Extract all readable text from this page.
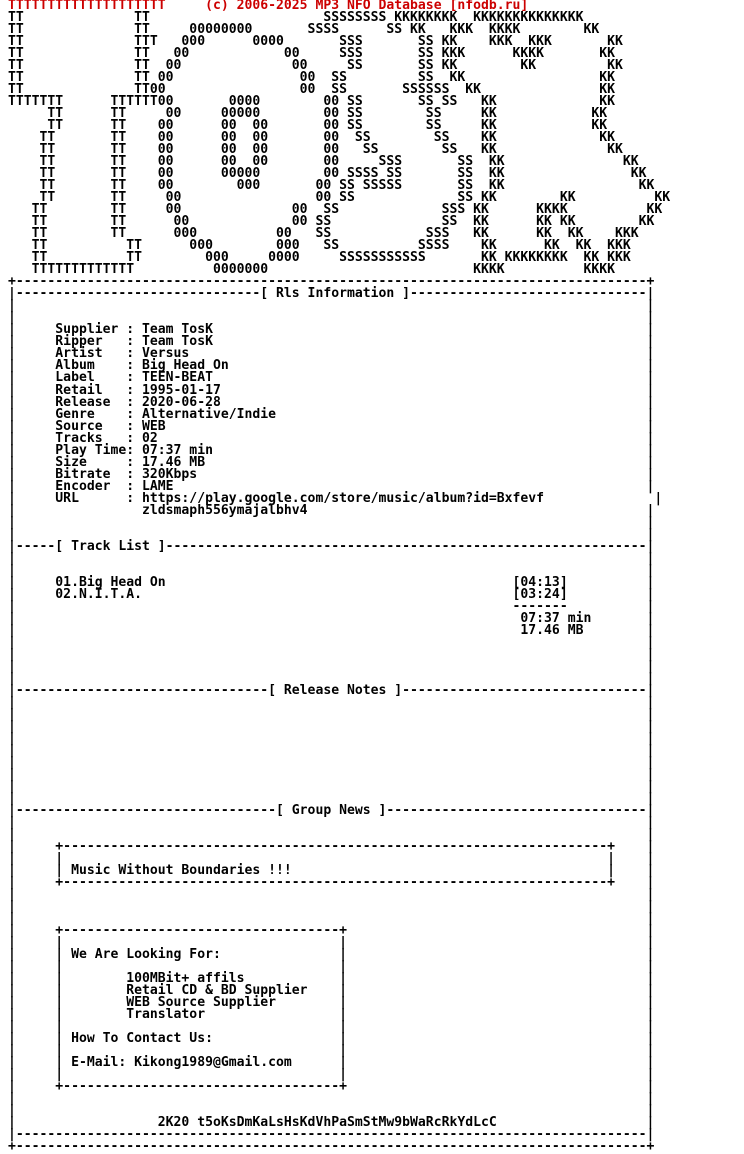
TTTTTTTTTTTTTTTTTTTT     (c) 2006-2025 MP3 NFO Database [nfodb.ru]
TT              TT                      SSSSSSSS KKKKKKKK  KKKKKKKKKKKKKK
TT              TT     00000000       SSSS      SS KK   KKK  KKKK        KK
TT              TTT   000      0000       SSS       SS KK    KKK  KKK       KK
TT              TT   00            00     SSS       SS KKK      KKKK       KK
TT              TT  00              00     SS       SS KK        KK         KK
TT              TT 00                00  SS         SS  KK                 KK
TT              TT00                 00  SS       SSSSSS  KK               KK
TTTTTTT      TTTTTT00       0000        00 SS       SS SS   KK             KK
TT      TT     00     00000        00 SS        SS     KK            KK
TT      TT    00      00  00       00 SS        SS     KK            KK
TT       TT    00      00  00       00  SS        SS    KK             KK
TT       TT    00      00  00       00   SS        SS   KK              KK
TT       TT    00      00  00       00     SSS       SS  KK               KK
TT       TT    00      00000        00 SSSS SS       SS  KK                KK
TT       TT    00        000       00 SS SSSSS       SS  KK                 KK
TT       TT     00                 00 SS             SS KK        KK          KK
TT        TT     00              00  SS             SSS KK      KKKK          KK
TT        TT      00             00 SS              SS  KK      KK KK        KK
TT        TT      000          00   SS            SSS   KK      KK  KK    KKK
TT          TT      000        000   SS          SSSS    KK      KK  KK  KKK
TT          TT        000     0000     SSSSSSSSSSS       KK KKKKKKKK  KK KKK
TTTTTTTTTTTTT          0000000                          KKKK          KKKK
+--------------------------------------------------------------------------------+
|-------------------------------[ Rls Information ]------------------------------|
|                                                                                |
|                                                                                |
|     Supplier : Team TosK                                                       |
|     Ripper   : Team TosK                                                       |
|     Artist   : Versus                                                          |
|     Album    : Big Head On                                                     |
|     Label    : TEEN-BEAT                                                       |
|     Retail   : 1995-01-17                                                      |
|     Release  : 2020-06-28                                                      |
|     Genre    : Alternative/Indie                                               |
|     Source   : WEB                                                             |
|     Tracks   : 02                                                              |
|     Play Time: 07:37 min                                                       |
|     Size     : 17.46 MB                                                        |
|     Bitrate  : 320Kbps                                                         |
|     Encoder  : LAME                                                            |
|     URL      : https://play.google.com/store/music/album?id=Bxfevf              |
|                zldsmaph556ymajalbhv4                                           |
|                                                                                |
|                                                                                |
|-----[ Track List ]-------------------------------------------------------------|
|                                                                                |
|                                                                                |
|     01.Big Head On                                            [04:13]          |
|     02.N.I.T.A.                                               [03:24]          |
|                                                               -------          |
|                                                                07:37 min       |
|                                                                17.46 MB        |
|                                                                                |
|                                                                                |
|                                                                                |
|                                                                                |
|--------------------------------[ Release Notes ]-------------------------------|
|                                                                                |
|                                                                                |
|                                                                                |
|                                                                                |
|                                                                                |
|                                                                                |
|                                                                                |
|                                                                                |
|                                                                                |
|---------------------------------[ Group News ]---------------------------------|
|                                                                                |
|                                                                                |
|     +---------------------------------------------------------------------+    |
|     |                                                                     |    |
|     | Music Without Boundaries !!!                                        |    |
|     +---------------------------------------------------------------------+    |
|                                                                                |
|                                                                                |
|                                                                                |
|     +-----------------------------------+                                      |
|     |                                   |                                      |
|     | We Are Looking For:               |                                      |
|     |                                   |                                      |
|     |        100MBit+ affils            |                                      |
|     |        Retail CD & BD Supplier    |                                      |
|     |        WEB Source Supplier        |                                      |
|     |        Translator                 |                                      |
|     |                                   |                                      |
|     | How To Contact Us:                |                                      |
|     |                                   |                                      |
|     | E-Mail: Kikong1989@Gmail.com      |                                      |
|     |                                   |                                      |
|     +-----------------------------------+                                      |
|                                                                                |
|                                                                                |
|                  2K20 t5oKsDmKaLsHsKdVhPaSmStMw9bWaRcRkYdLcC                   |
|--------------------------------------------------------------------------------|
+--------------------------------------------------------------------------------+
